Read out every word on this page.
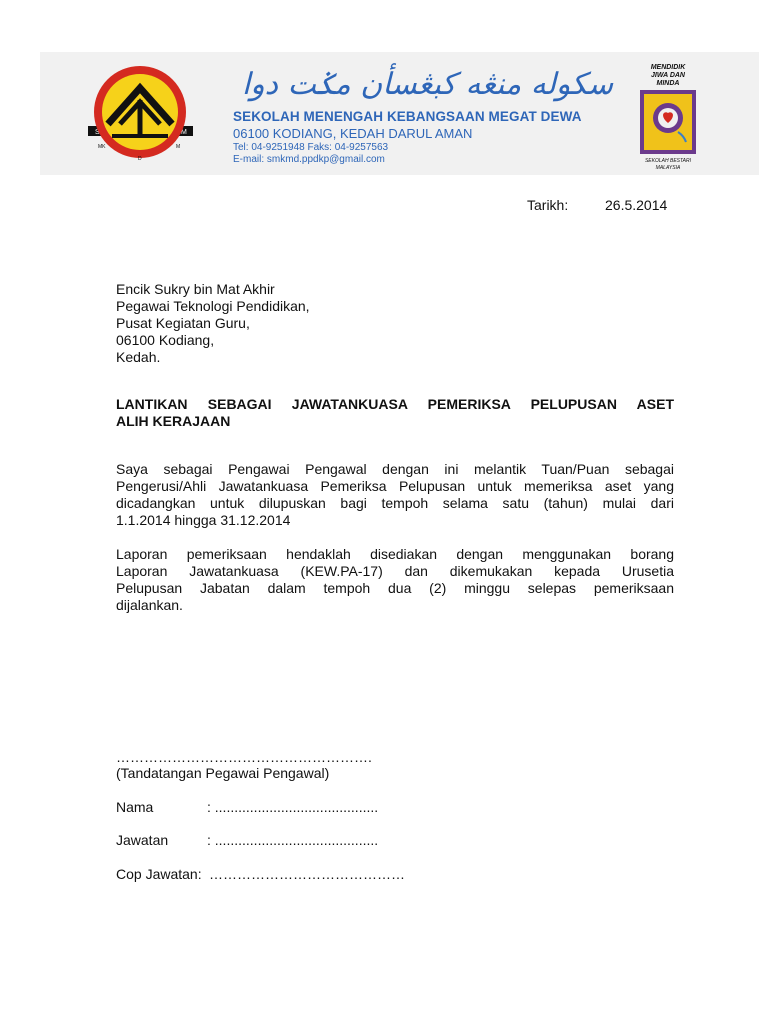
S	M
MK	M
D
سکوله منڠه کبڠسأن مݢت دوا
SEKOLAH MENENGAH KEBANGSAAN MEGAT DEWA
06100 KODIANG, KEDAH DARUL AMAN
Tel: 04-9251948 Faks: 04-9257563
E-mail: smkmd.ppdkp@gmail.com
MENDIDIK
JIWA DAN
MINDA
SEKOLAH BESTARI
MALAYSIA
Tarikh:	26.5.2014
Encik Sukry bin Mat Akhir
Pegawai Teknologi Pendidikan,
Pusat Kegiatan Guru,
06100 Kodiang,
Kedah.
LANTIKAN SEBAGAI JAWATANKUASA PEMERIKSA PELUPUSAN ASET
ALIH KERAJAAN
Saya sebagai Pengawai Pengawal dengan ini melantik Tuan/Puan sebagai
Pengerusi/Ahli Jawatankuasa Pemeriksa Pelupusan untuk memeriksa aset yang
dicadangkan untuk dilupuskan bagi tempoh selama satu (tahun) mulai dari
1.1.2014 hingga 31.12.2014
Laporan pemeriksaan hendaklah disediakan dengan menggunakan borang
Laporan Jawatankuasa (KEW.PA-17) dan dikemukakan kepada Urusetia
Pelupusan Jabatan dalam tempoh dua (2) minggu selepas pemeriksaan
dijalankan.
……………………………………………….
(Tandatangan Pegawai Pengawal)
Nama	: ..........................................
Jawatan	: ..........................................
Cop Jawatan: ……………………………………
